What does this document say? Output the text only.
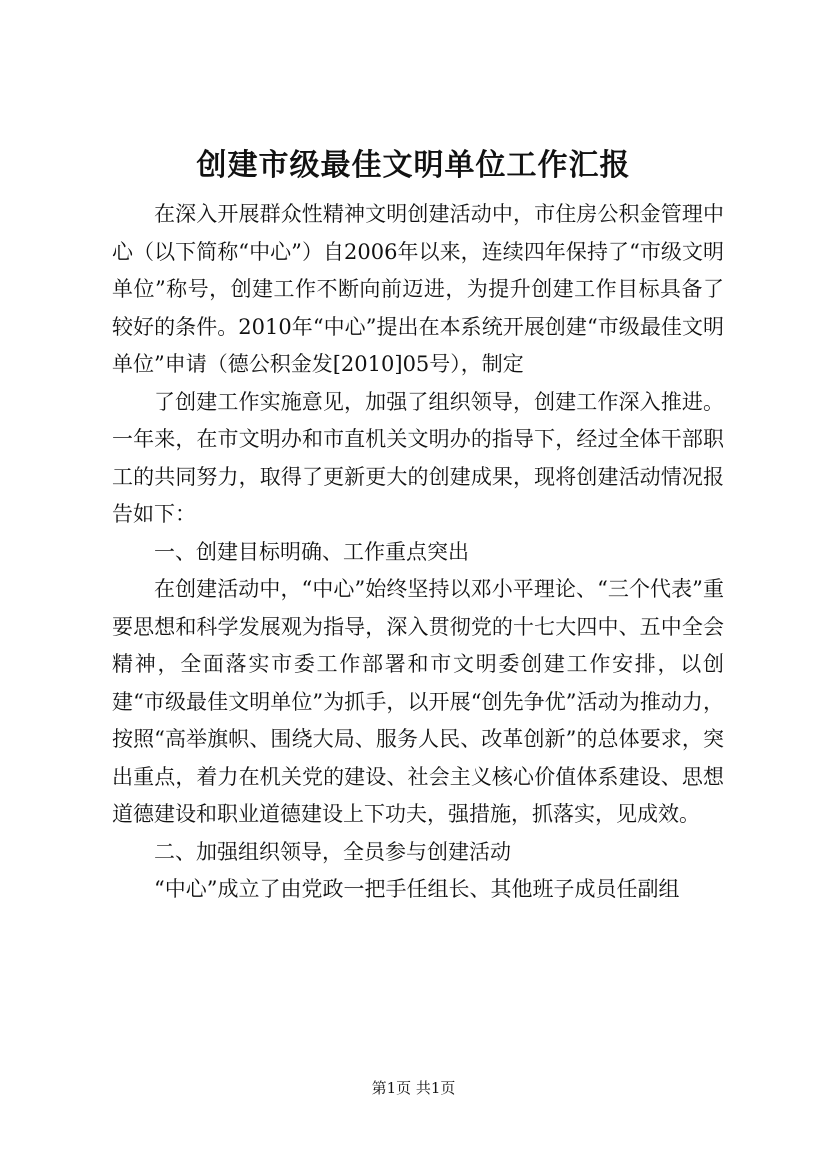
创建市级最佳文明单位工作汇报

在深入开展群众性精神文明创建活动中，市住房公积金管理中心（以下简称“中心”）自2006年以来，连续四年保持了“市级文明单位”称号，创建工作不断向前迈进，为提升创建工作目标具备了较好的条件。2010年“中心”提出在本系统开展创建“市级最佳文明单位”申请（德公积金发[2010]05号），制定

了创建工作实施意见，加强了组织领导，创建工作深入推进。一年来，在市文明办和市直机关文明办的指导下，经过全体干部职工的共同努力，取得了更新更大的创建成果，现将创建活动情况报告如下：

一、创建目标明确、工作重点突出

在创建活动中，“中心”始终坚持以邓小平理论、“三个代表”重要思想和科学发展观为指导，深入贯彻党的十七大四中、五中全会精神，全面落实市委工作部署和市文明委创建工作安排，以创建“市级最佳文明单位”为抓手，以开展“创先争优”活动为推动力，按照“高举旗帜、围绕大局、服务人民、改革创新”的总体要求，突出重点，着力在机关党的建设、社会主义核心价值体系建设、思想道德建设和职业道德建设上下功夫，强措施，抓落实，见成效。

二、加强组织领导，全员参与创建活动

“中心”成立了由党政一把手任组长、其他班子成员任副组

第1页 共1页
